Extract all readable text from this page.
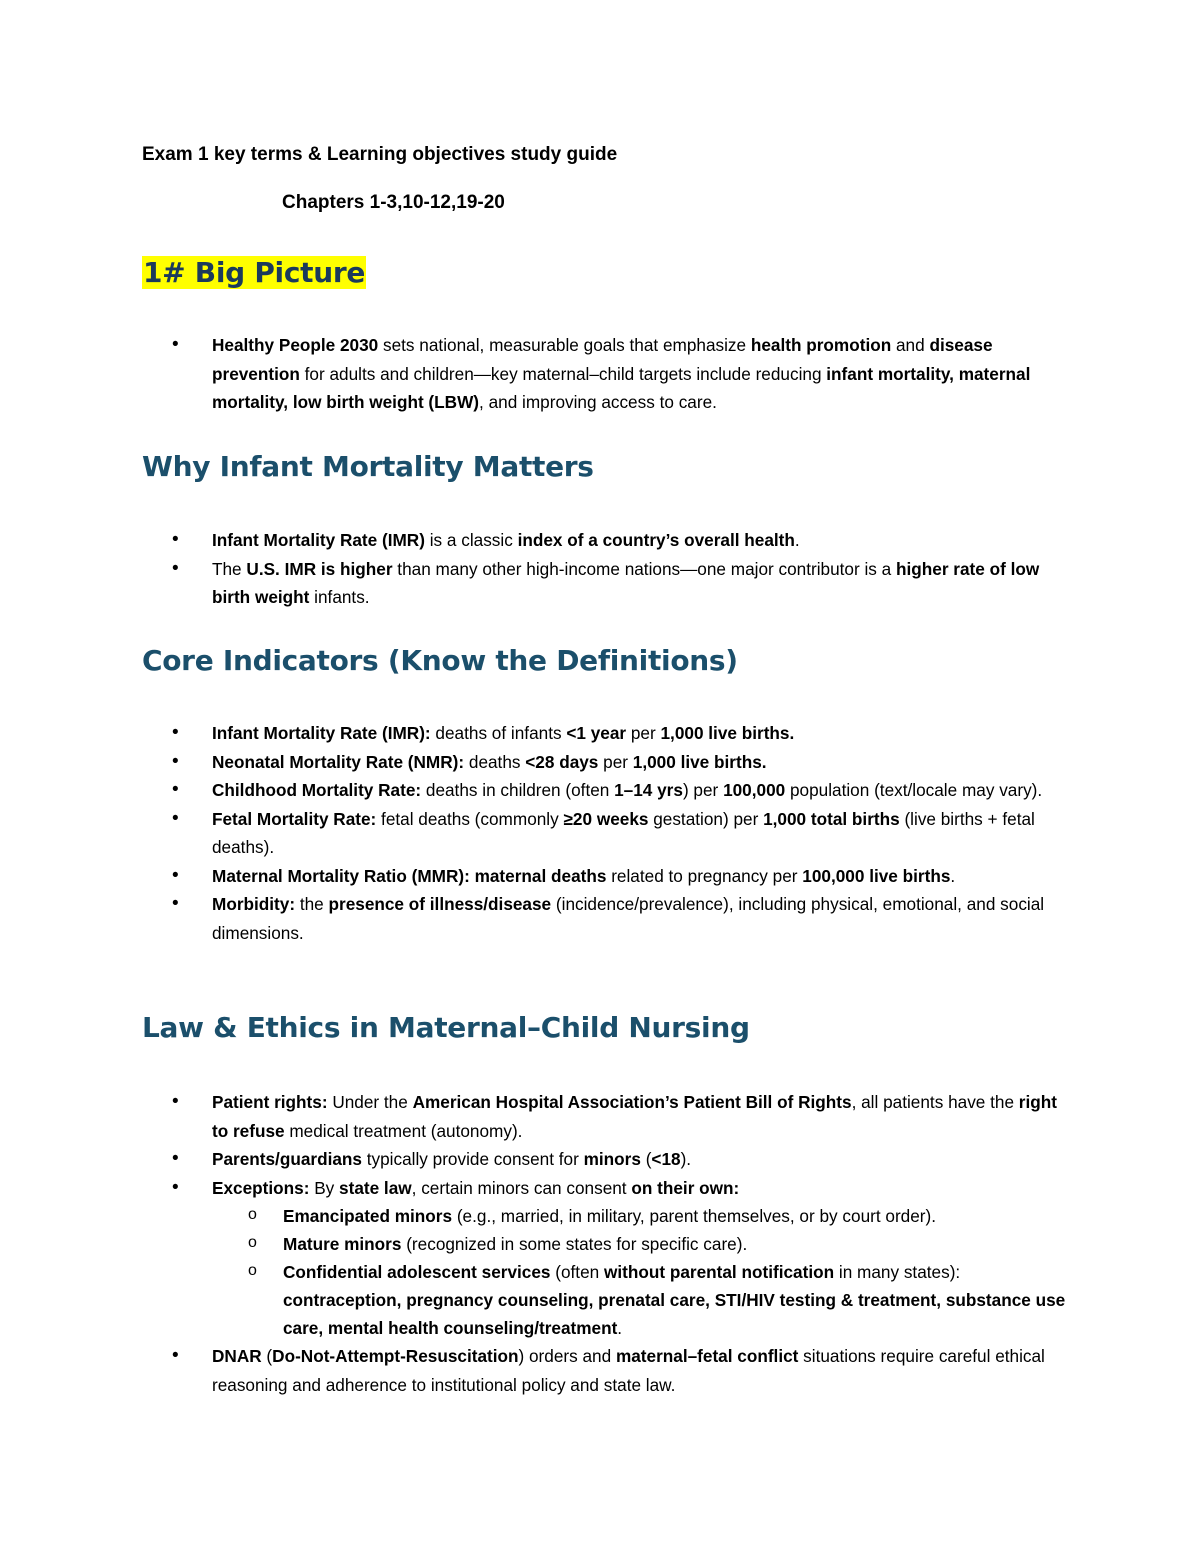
Exam 1 key terms & Learning objectives study guide
Chapters 1-3,10-12,19-20
1# Big Picture
• Healthy People 2030 sets national, measurable goals that emphasize health promotion and disease prevention for adults and children—key maternal–child targets include reducing infant mortality, maternal mortality, low birth weight (LBW), and improving access to care.
Why Infant Mortality Matters
• Infant Mortality Rate (IMR) is a classic index of a country’s overall health.
• The U.S. IMR is higher than many other high-income nations—one major contributor is a higher rate of low birth weight infants.
Core Indicators (Know the Definitions)
• Infant Mortality Rate (IMR): deaths of infants <1 year per 1,000 live births.
• Neonatal Mortality Rate (NMR): deaths <28 days per 1,000 live births.
• Childhood Mortality Rate: deaths in children (often 1–14 yrs) per 100,000 population (text/locale may vary).
• Fetal Mortality Rate: fetal deaths (commonly ≥20 weeks gestation) per 1,000 total births (live births + fetal deaths).
• Maternal Mortality Ratio (MMR): maternal deaths related to pregnancy per 100,000 live births.
• Morbidity: the presence of illness/disease (incidence/prevalence), including physical, emotional, and social dimensions.
Law & Ethics in Maternal–Child Nursing
• Patient rights: Under the American Hospital Association’s Patient Bill of Rights, all patients have the right to refuse medical treatment (autonomy).
• Parents/guardians typically provide consent for minors (<18).
• Exceptions: By state law, certain minors can consent on their own:
o Emancipated minors (e.g., married, in military, parent themselves, or by court order).
o Mature minors (recognized in some states for specific care).
o Confidential adolescent services (often without parental notification in many states): contraception, pregnancy counseling, prenatal care, STI/HIV testing & treatment, substance use care, mental health counseling/treatment.
• DNAR (Do-Not-Attempt-Resuscitation) orders and maternal–fetal conflict situations require careful ethical reasoning and adherence to institutional policy and state law.
